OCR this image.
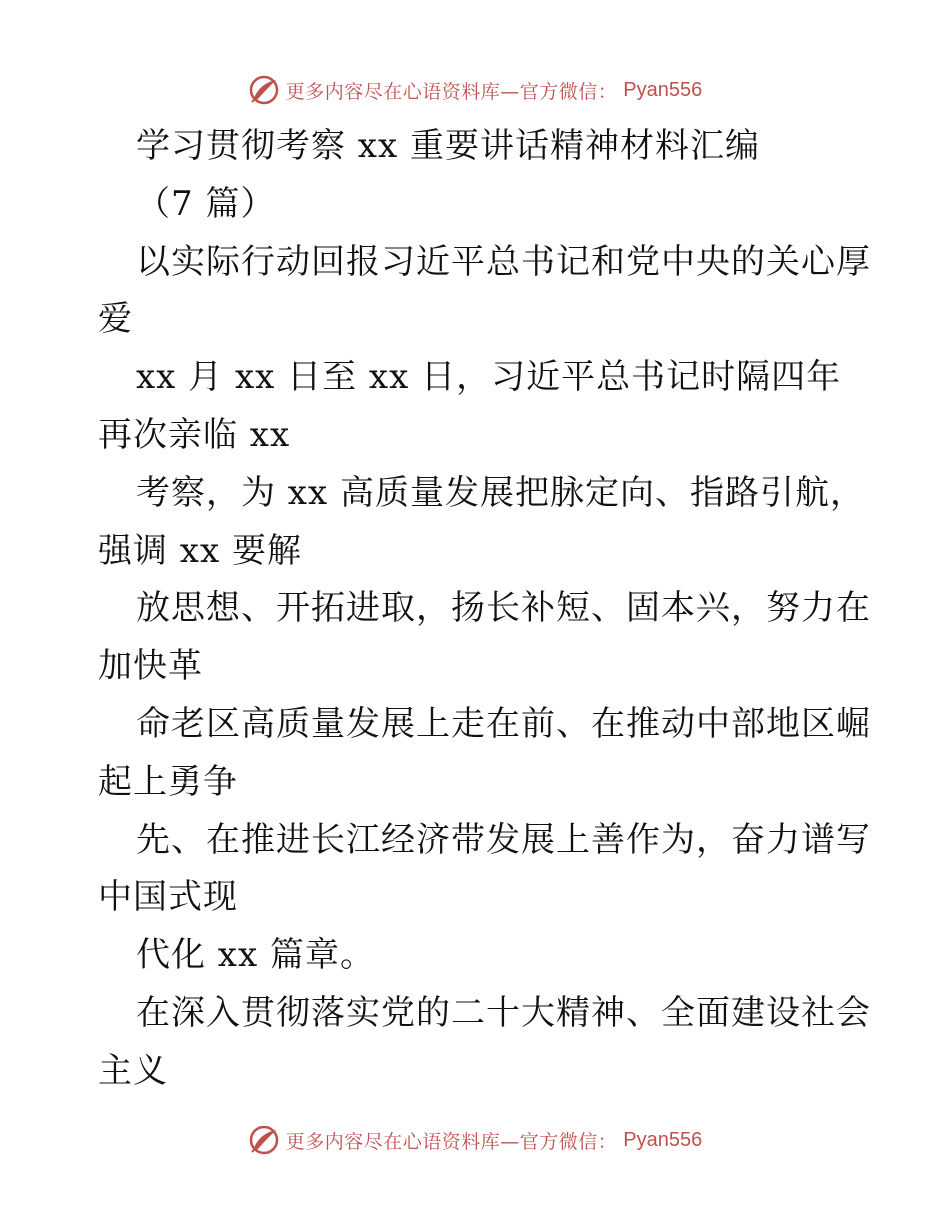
更多内容尽在心语资料库—官方微信： Pyan556
学习贯彻考察 xx 重要讲话精神材料汇编
（7 篇）
以实际行动回报习近平总书记和党中央的关心厚
爱
xx 月 xx 日至 xx 日，习近平总书记时隔四年
再次亲临 xx
考察，为 xx 高质量发展把脉定向、指路引航，
强调 xx 要解
放思想、开拓进取，扬长补短、固本兴，努力在
加快革
命老区高质量发展上走在前、在推动中部地区崛
起上勇争
先、在推进长江经济带发展上善作为，奋力谱写
中国式现
代化 xx 篇章。
在深入贯彻落实党的二十大精神、全面建设社会
主义
更多内容尽在心语资料库—官方微信： Pyan556
